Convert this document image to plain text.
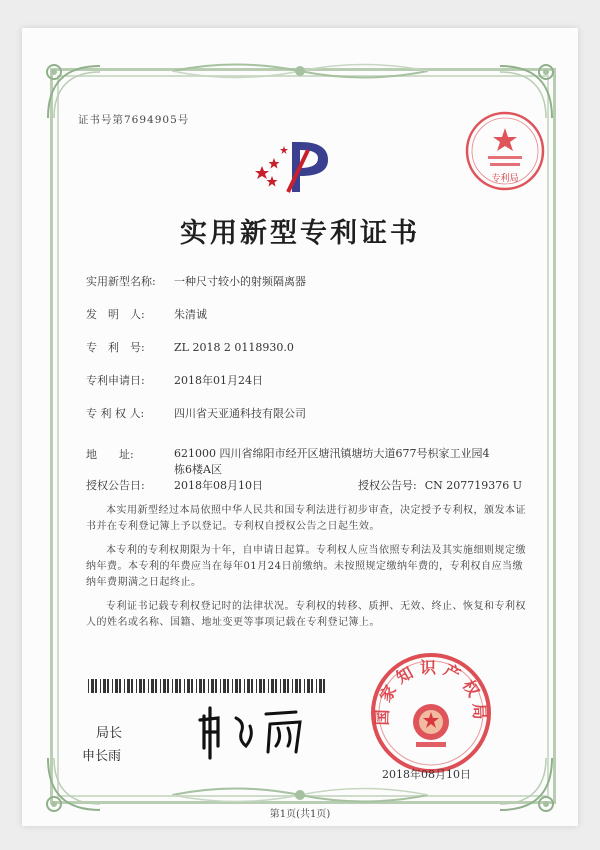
证书号第7694905号
专利局
实用新型专利证书
实用新型名称: 一种尺寸较小的射频隔离器
发　明　人:	朱清诚
专　利　号:	ZL 2018 2 0118930.0
专利申请日:	2018年01月24日
专 利 权 人:	四川省天亚通科技有限公司
地　　址:	621000 四川省绵阳市经开区塘汛镇塘坊大道677号枳家工业园4栋6楼A区
授权公告日:	2018年08月10日	授权公告号: CN 207719376 U
本实用新型经过本局依照中华人民共和国专利法进行初步审查，决定授予专利权，颁发本证书并在专利登记簿上予以登记。专利权自授权公告之日起生效。
本专利的专利权期限为十年，自申请日起算。专利权人应当依照专利法及其实施细则规定缴纳年费。本专利的年费应当在每年01月24日前缴纳。未按照规定缴纳年费的，专利权自应当缴纳年费期满之日起终止。
专利证书记载专利权登记时的法律状况。专利权的转移、质押、无效、终止、恢复和专利权人的姓名或名称、国籍、地址变更等事项记载在专利登记簿上。
局长
申长雨
国家知识产权局
2018年08月10日
第1页(共1页)
